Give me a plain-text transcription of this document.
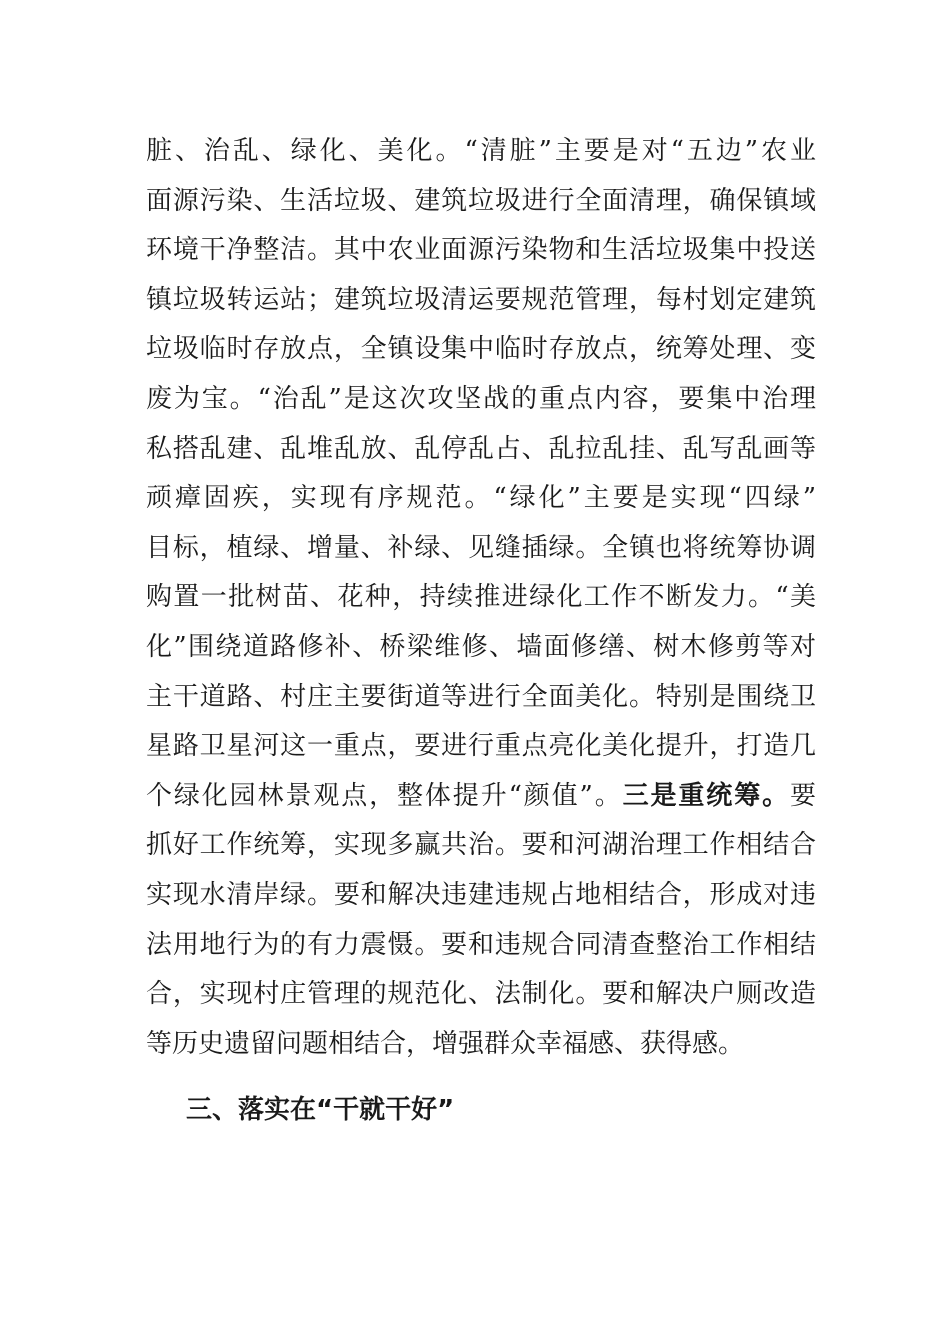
脏、治乱、绿化、美化。“清脏”主要是对“五边”农业
面源污染、生活垃圾、建筑垃圾进行全面清理，确保镇域
环境干净整洁。其中农业面源污染物和生活垃圾集中投送
镇垃圾转运站；建筑垃圾清运要规范管理，每村划定建筑
垃圾临时存放点，全镇设集中临时存放点，统筹处理、变
废为宝。“治乱”是这次攻坚战的重点内容，要集中治理
私搭乱建、乱堆乱放、乱停乱占、乱拉乱挂、乱写乱画等
顽瘴固疾，实现有序规范。“绿化”主要是实现“四绿”
目标，植绿、增量、补绿、见缝插绿。全镇也将统筹协调
购置一批树苗、花种，持续推进绿化工作不断发力。“美
化”围绕道路修补、桥梁维修、墙面修缮、树木修剪等对
主干道路、村庄主要街道等进行全面美化。特别是围绕卫
星路卫星河这一重点，要进行重点亮化美化提升，打造几
个绿化园林景观点，整体提升“颜值”。三是重统筹。要
抓好工作统筹，实现多赢共治。要和河湖治理工作相结合
实现水清岸绿。要和解决违建违规占地相结合，形成对违
法用地行为的有力震慑。要和违规合同清查整治工作相结
合，实现村庄管理的规范化、法制化。要和解决户厕改造
等历史遗留问题相结合，增强群众幸福感、获得感。
三、落实在“干就干好”
